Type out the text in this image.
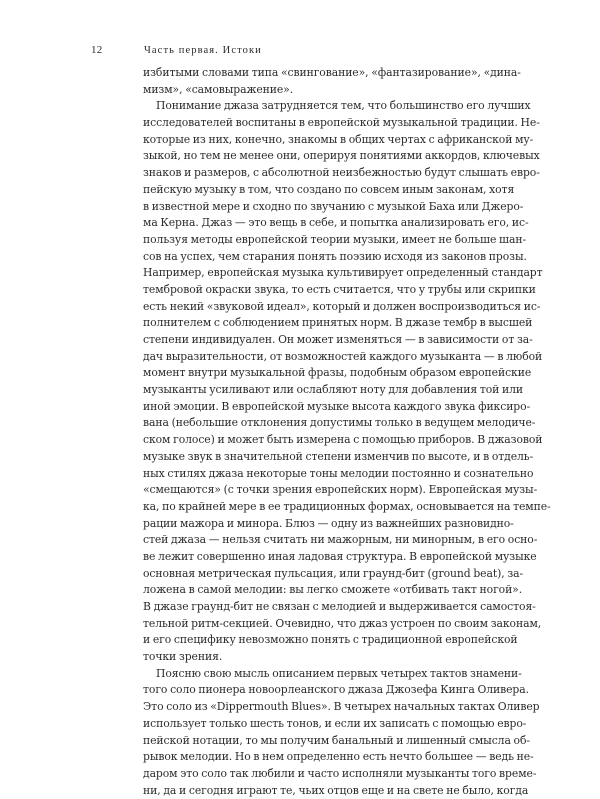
12	Часть первая. Истоки
избитыми словами типа «свингование», «фантазирование», «дина-
мизм», «самовыражение».
Понимание джаза затрудняется тем, что большинство его лучших
исследователей воспитаны в европейской музыкальной традиции. Не-
которые из них, конечно, знакомы в общих чертах с африканской му-
зыкой, но тем не менее они, оперируя понятиями аккордов, ключевых
знаков и размеров, с абсолютной неизбежностью будут слышать евро-
пейскую музыку в том, что создано по совсем иным законам, хотя
в известной мере и сходно по звучанию с музыкой Баха или Джеро-
ма Керна. Джаз — это вещь в себе, и попытка анализировать его, ис-
пользуя методы европейской теории музыки, имеет не больше шан-
сов на успех, чем старания понять поэзию исходя из законов прозы.
Например, европейская музыка культивирует определенный стандарт
тембровой окраски звука, то есть считается, что у трубы или скрипки
есть некий «звуковой идеал», который и должен воспроизводиться ис-
полнителем с соблюдением принятых норм. В джазе тембр в высшей
степени индивидуален. Он может изменяться — в зависимости от за-
дач выразительности, от возможностей каждого музыканта — в любой
момент внутри музыкальной фразы, подобным образом европейские
музыканты усиливают или ослабляют ноту для добавления той или
иной эмоции. В европейской музыке высота каждого звука фиксиро-
вана (небольшие отклонения допустимы только в ведущем мелодиче-
ском голосе) и может быть измерена с помощью приборов. В джазовой
музыке звук в значительной степени изменчив по высоте, и в отдель-
ных стилях джаза некоторые тоны мелодии постоянно и сознательно
«смещаются» (с точки зрения европейских норм). Европейская музы-
ка, по крайней мере в ее традиционных формах, основывается на темпе-
рации мажора и минора. Блюз — одну из важнейших разновидно-
стей джаза — нельзя считать ни мажорным, ни минорным, в его осно-
ве лежит совершенно иная ладовая структура. В европейской музыке
основная метрическая пульсация, или граунд-бит (ground beat), за-
ложена в самой мелодии: вы легко сможете «отбивать такт ногой».
В джазе граунд-бит не связан с мелодией и выдерживается самостоя-
тельной ритм-секцией. Очевидно, что джаз устроен по своим законам,
и его специфику невозможно понять с традиционной европейской
точки зрения.
Поясню свою мысль описанием первых четырех тактов знамени-
того соло пионера новоорлеанского джаза Джозефа Кинга Оливера.
Это соло из «Dippermouth Blues». В четырех начальных тактах Оливер
использует только шесть тонов, и если их записать с помощью евро-
пейской нотации, то мы получим банальный и лишенный смысла об-
рывок мелодии. Но в нем определенно есть нечто большее — ведь не-
даром это соло так любили и часто исполняли музыканты того време-
ни, да и сегодня играют те, чьих отцов еще и на свете не было, когда
